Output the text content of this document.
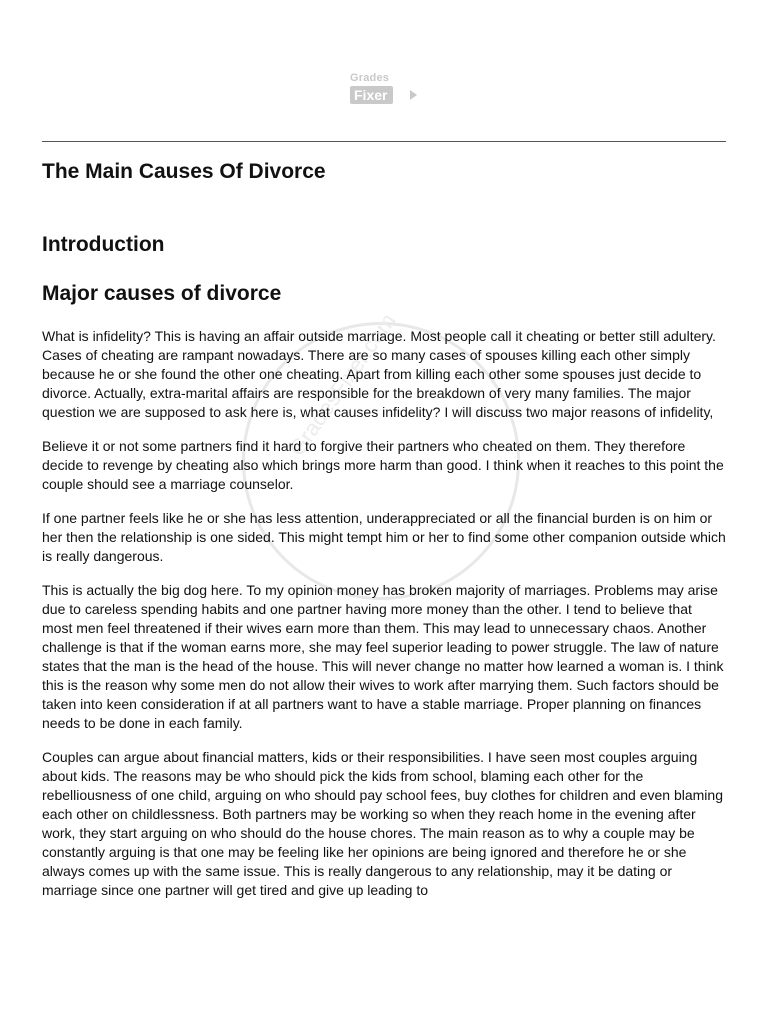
Grades
Fixer
GradesFixer.com
The Main Causes Of Divorce
Introduction
Major causes of divorce

What is infidelity? This is having an affair outside marriage. Most people call it cheating or better still adultery. Cases of cheating are rampant nowadays. There are so many cases of spouses killing each other simply because he or she found the other one cheating. Apart from killing each other some spouses just decide to divorce. Actually, extra-marital affairs are responsible for the breakdown of very many families. The major question we are supposed to ask here is, what causes infidelity? I will discuss two major reasons of infidelity,

Believe it or not some partners find it hard to forgive their partners who cheated on them. They therefore decide to revenge by cheating also which brings more harm than good. I think when it reaches to this point the couple should see a marriage counselor.

If one partner feels like he or she has less attention, underappreciated or all the financial burden is on him or her then the relationship is one sided. This might tempt him or her to find some other companion outside which is really dangerous.

This is actually the big dog here. To my opinion money has broken majority of marriages. Problems may arise due to careless spending habits and one partner having more money than the other. I tend to believe that most men feel threatened if their wives earn more than them. This may lead to unnecessary chaos. Another challenge is that if the woman earns more, she may feel superior leading to power struggle. The law of nature states that the man is the head of the house. This will never change no matter how learned a woman is. I think this is the reason why some men do not allow their wives to work after marrying them. Such factors should be taken into keen consideration if at all partners want to have a stable marriage. Proper planning on finances needs to be done in each family.

Couples can argue about financial matters, kids or their responsibilities. I have seen most couples arguing about kids. The reasons may be who should pick the kids from school, blaming each other for the rebelliousness of one child, arguing on who should pay school fees, buy clothes for children and even blaming each other on childlessness. Both partners may be working so when they reach home in the evening after work, they start arguing on who should do the house chores. The main reason as to why a couple may be constantly arguing is that one may be feeling like her opinions are being ignored and therefore he or she always comes up with the same issue. This is really dangerous to any relationship, may it be dating or marriage since one partner will get tired and give up leading to
